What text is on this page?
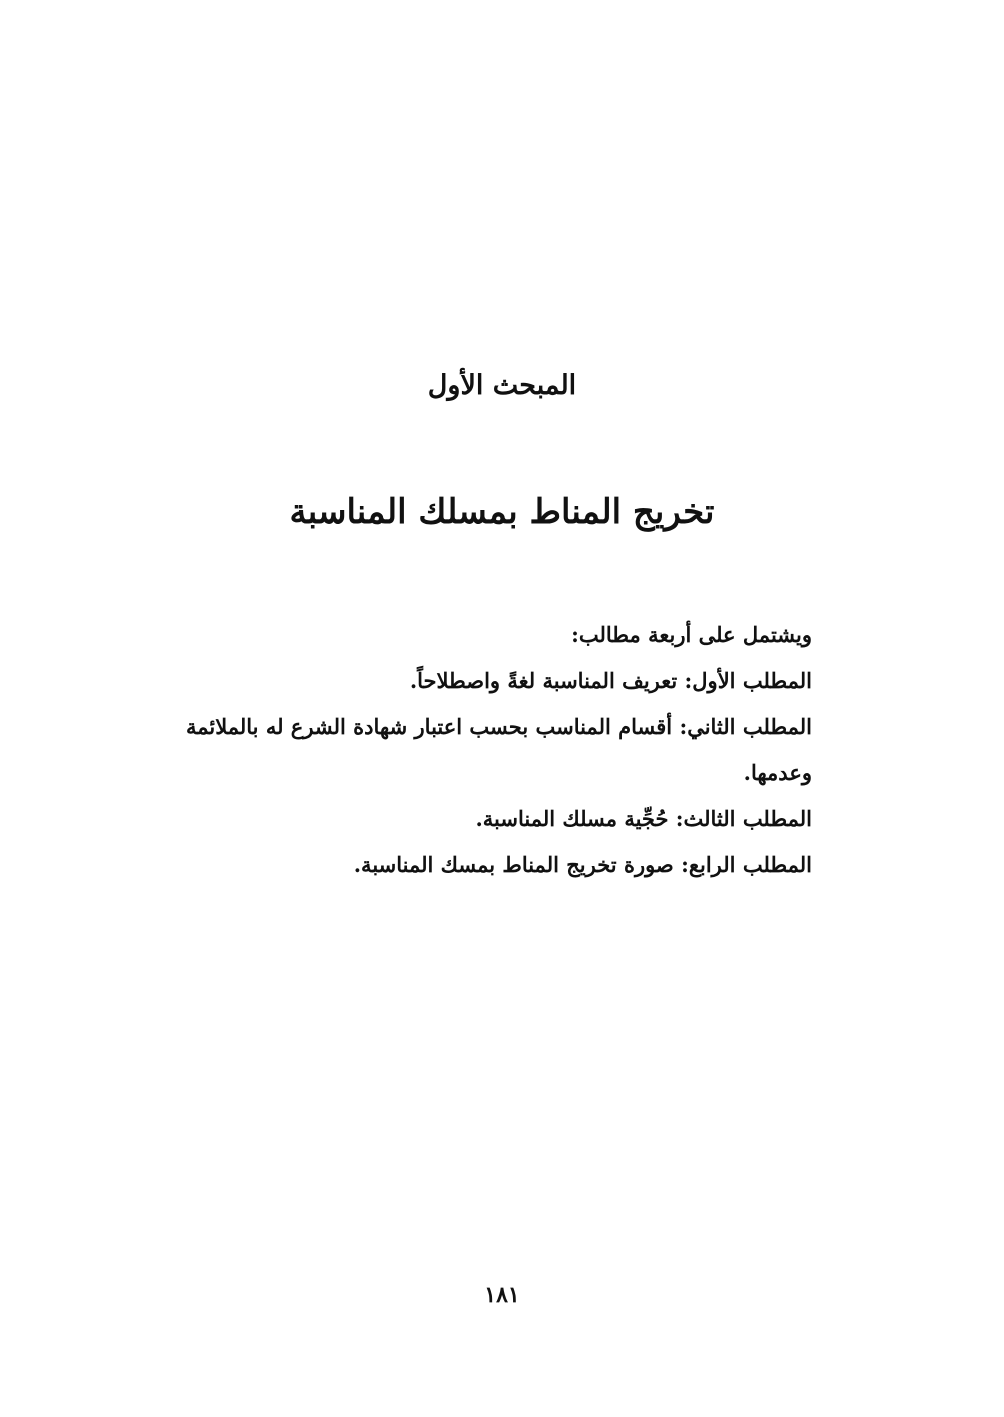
المبحث الأول
تخريج المناط بمسلك المناسبة

ويشتمل على أربعة مطالب:

المطلب الأول: تعريف المناسبة لغةً واصطلاحاً.
المطلب الثاني: أقسام المناسب بحسب اعتبار شهادة الشرع له بالملائمة وعدمها.
المطلب الثالث: حُجِّية مسلك المناسبة.
المطلب الرابع: صورة تخريج المناط بمسك المناسبة.
١٨١
